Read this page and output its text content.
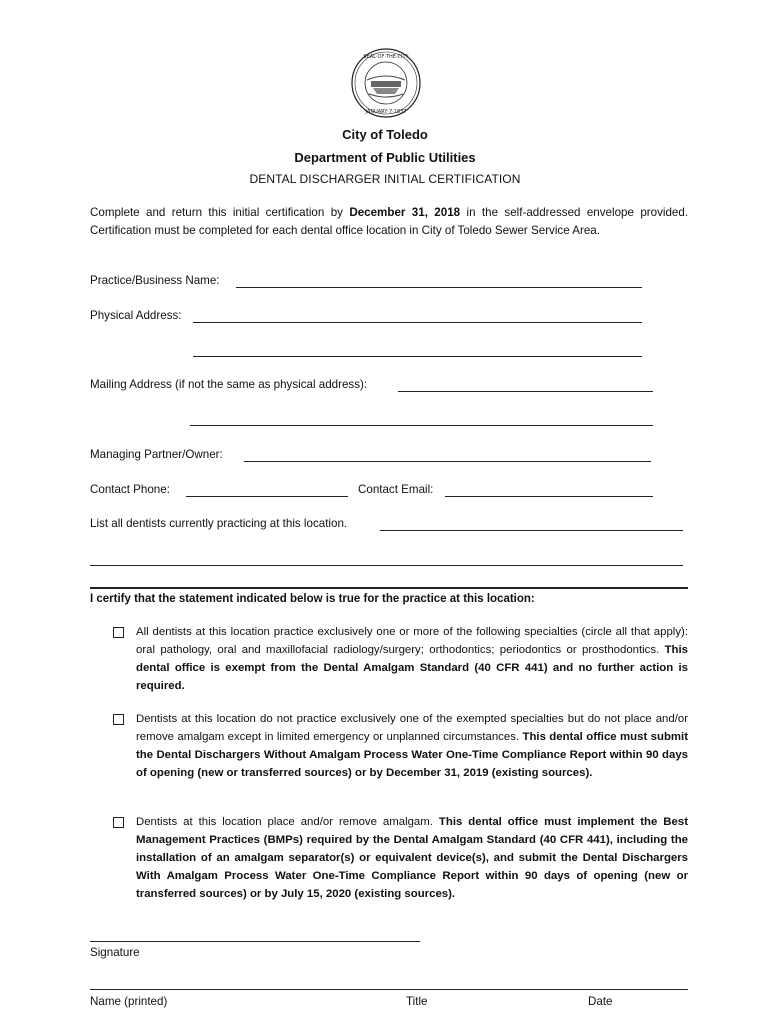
SEAL·OF·THE·CITY
JANUARY·7·1837
City of Toledo
Department of Public Utilities
DENTAL DISCHARGER INITIAL CERTIFICATION
Complete and return this initial certification by December 31, 2018 in the self-addressed envelope provided. Certification must be completed for each dental office location in City of Toledo Sewer Service Area.
Practice/Business Name:
Physical Address:
Mailing Address (if not the same as physical address):
Managing Partner/Owner:
Contact Phone:	Contact Email:
List all dentists currently practicing at this location.
I certify that the statement indicated below is true for the practice at this location:
All dentists at this location practice exclusively one or more of the following specialties (circle all that apply): oral pathology, oral and maxillofacial radiology/surgery; orthodontics; periodontics or prosthodontics. This dental office is exempt from the Dental Amalgam Standard (40 CFR 441) and no further action is required.
Dentists at this location do not practice exclusively one of the exempted specialties but do not place and/or remove amalgam except in limited emergency or unplanned circumstances. This dental office must submit the Dental Dischargers Without Amalgam Process Water One-Time Compliance Report within 90 days of opening (new or transferred sources) or by December 31, 2019 (existing sources).
Dentists at this location place and/or remove amalgam. This dental office must implement the Best Management Practices (BMPs) required by the Dental Amalgam Standard (40 CFR 441), including the installation of an amalgam separator(s) or equivalent device(s), and submit the Dental Dischargers With Amalgam Process Water One-Time Compliance Report within 90 days of opening (new or transferred sources) or by July 15, 2020 (existing sources).
Signature
Name (printed)	Title	Date
